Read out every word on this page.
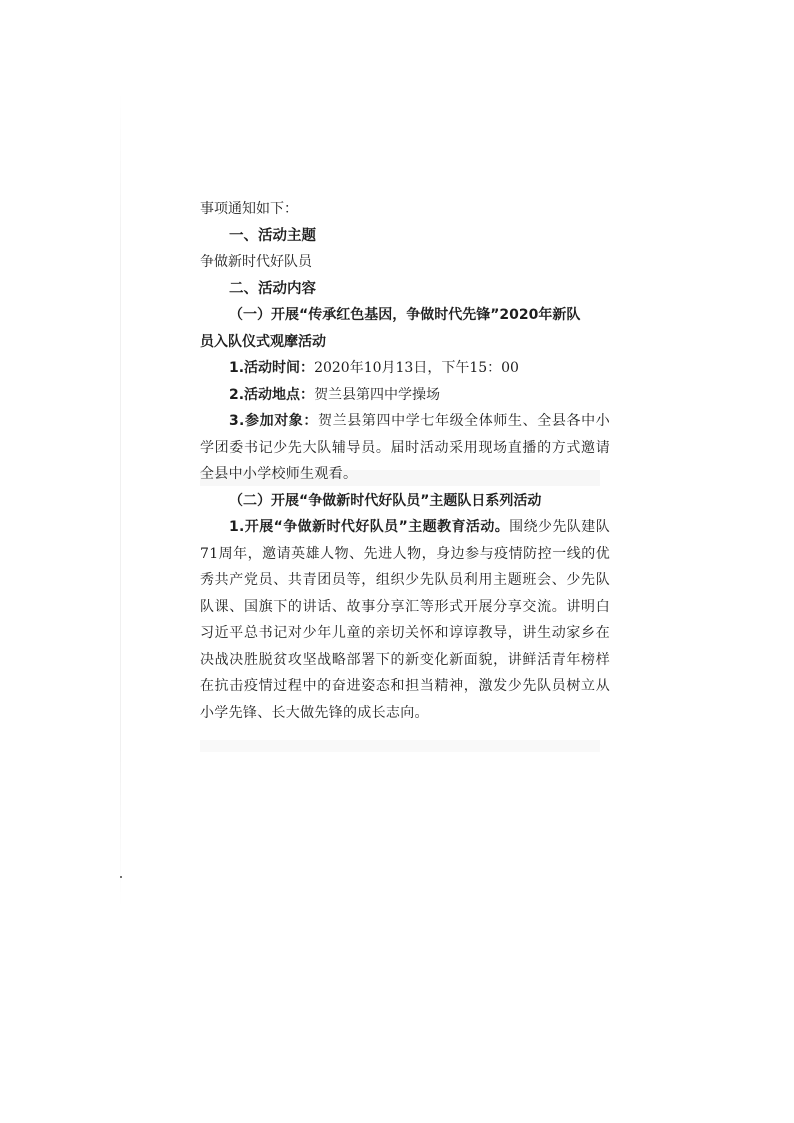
事项通知如下：
一、活动主题
争做新时代好队员
二、活动内容
（一）开展“传承红色基因，争做时代先锋”2020年新队
员入队仪式观摩活动
1.活动时间：2020年10月13日，下午15：00
2.活动地点：贺兰县第四中学操场

3.参加对象：贺兰县第四中学七年级全体师生、全县各中小学团委书记少先大队辅导员。届时活动采用现场直播的方式邀请全县中小学校师生观看。

（二）开展“争做新时代好队员”主题队日系列活动

1.开展“争做新时代好队员”主题教育活动。围绕少先队建队71周年，邀请英雄人物、先进人物，身边参与疫情防控一线的优秀共产党员、共青团员等，组织少先队员利用主题班会、少先队队课、国旗下的讲话、故事分享汇等形式开展分享交流。讲明白习近平总书记对少年儿童的亲切关怀和谆谆教导，讲生动家乡在决战决胜脱贫攻坚战略部署下的新变化新面貌，讲鲜活青年榜样在抗击疫情过程中的奋进姿态和担当精神，激发少先队员树立从小学先锋、长大做先锋的成长志向。
